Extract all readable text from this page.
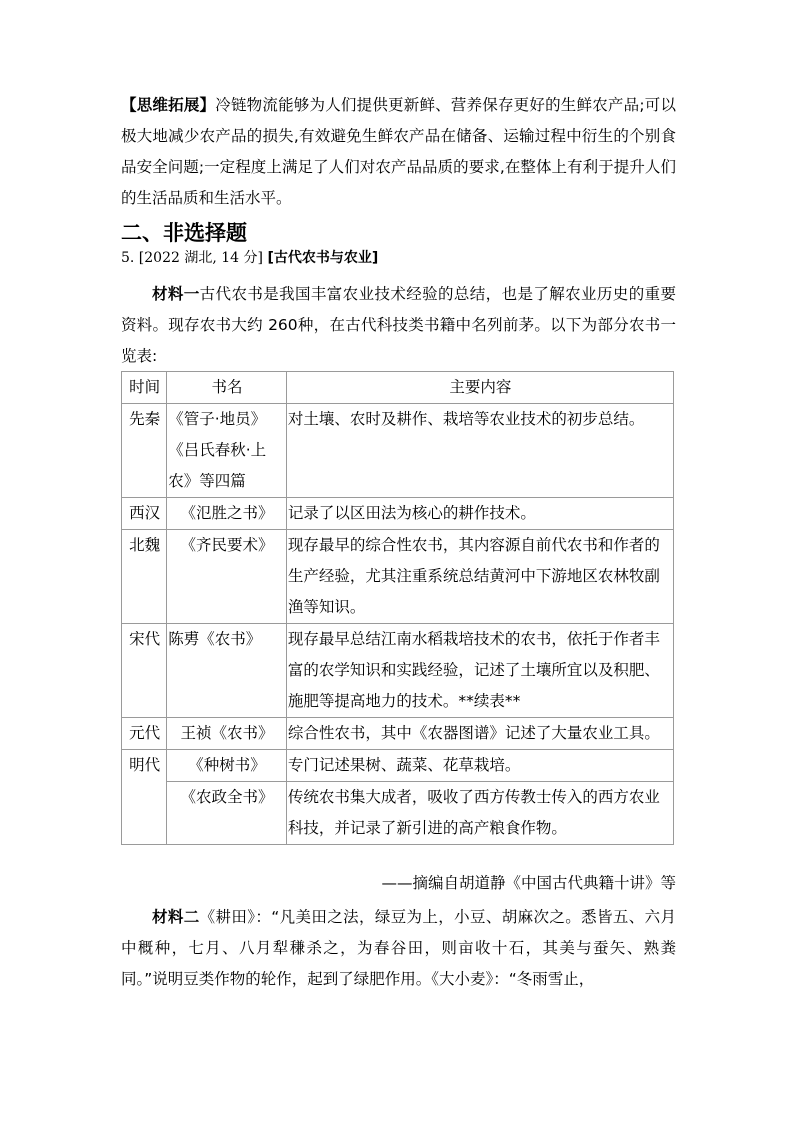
【思维拓展】冷链物流能够为人们提供更新鲜、营养保存更好的生鲜农产品;可以极大地减少农产品的损失,有效避免生鲜农产品在储备、运输过程中衍生的个别食品安全问题;一定程度上满足了人们对农产品品质的要求,在整体上有利于提升人们的生活品质和生活水平。

二、非选择题
5. [2022 湖北, 14 分] [古代农书与农业]

材料一古代农书是我国丰富农业技术经验的总结，也是了解农业历史的重要资料。现存农书大约 260种，在古代科技类书籍中名列前茅。以下为部分农书一览表:

时间	书名	主要内容
先秦	《管子·地员》《吕氏春秋·上农》等四篇	对土壤、农时及耕作、栽培等农业技术的初步总结。
西汉	《氾胜之书》	记录了以区田法为核心的耕作技术。
北魏	《齐民要术》	现存最早的综合性农书，其内容源自前代农书和作者的生产经验，尤其注重系统总结黄河中下游地区农林牧副渔等知识。
宋代	陈旉《农书》	现存最早总结江南水稻栽培技术的农书，依托于作者丰富的农学知识和实践经验，记述了土壤所宜以及积肥、施肥等提高地力的技术。**续表**
元代	王祯《农书》	综合性农书，其中《农器图谱》记述了大量农业工具。
明代	《种树书》	专门记述果树、蔬菜、花草栽培。
	《农政全书》	传统农书集大成者，吸收了西方传教士传入的西方农业科技，并记录了新引进的高产粮食作物。
——摘编自胡道静《中国古代典籍十讲》等

材料二《耕田》：“凡美田之法，绿豆为上，小豆、胡麻次之。悉皆五、六月中穊种，七月、八月犁稴杀之，为春谷田，则亩收十石，其美与蚕矢、熟粪同。”说明豆类作物的轮作，起到了绿肥作用。《大小麦》：“冬雨雪止，
